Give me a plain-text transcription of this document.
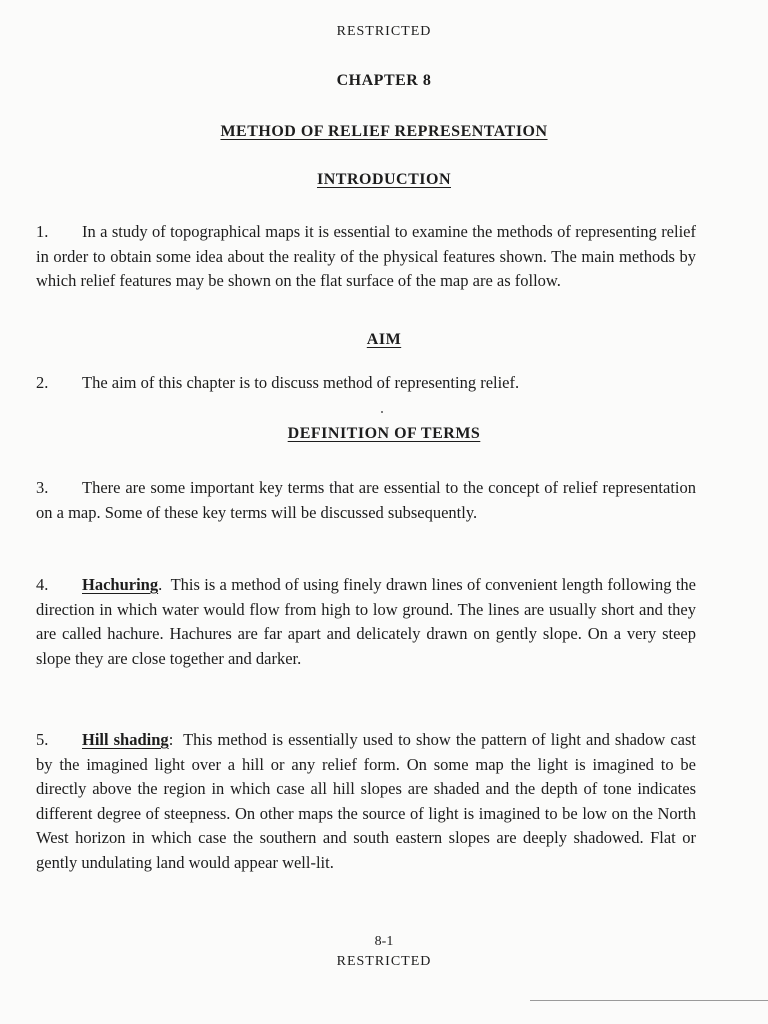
RESTRICTED
CHAPTER 8
METHOD OF RELIEF REPRESENTATION
INTRODUCTION

1. In a study of topographical maps it is essential to examine the methods of representing relief in order to obtain some idea about the reality of the physical features shown. The main methods by which relief features may be shown on the flat surface of the map are as follow.

AIM

2. The aim of this chapter is to discuss method of representing relief.

DEFINITION OF TERMS

3. There are some important key terms that are essential to the concept of relief representation on a map. Some of these key terms will be discussed subsequently.

4. Hachuring. This is a method of using finely drawn lines of convenient length following the direction in which water would flow from high to low ground. The lines are usually short and they are called hachure. Hachures are far apart and delicately drawn on gently slope. On a very steep slope they are close together and darker.

5. Hill shading: This method is essentially used to show the pattern of light and shadow cast by the imagined light over a hill or any relief form. On some map the light is imagined to be directly above the region in which case all hill slopes are shaded and the depth of tone indicates different degree of steepness. On other maps the source of light is imagined to be low on the North West horizon in which case the southern and south eastern slopes are deeply shadowed. Flat or gently undulating land would appear well-lit.

8-1
RESTRICTED
